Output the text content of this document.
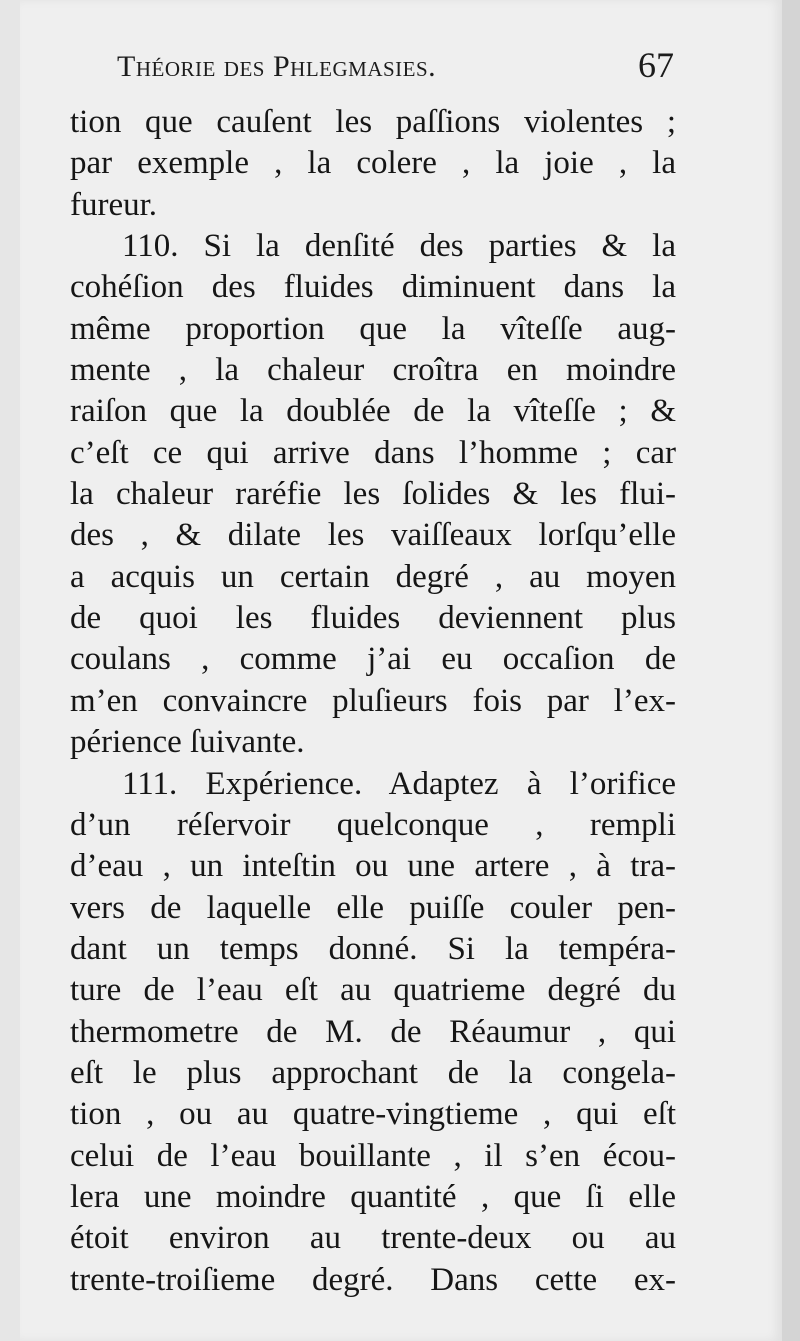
Théorie des Phlegmasies.	67
tion que cauſent les paſſions violentes ;
par exemple , la colere , la joie , la
fureur.
110. Si la denſité des parties & la
cohéſion des fluides diminuent dans la
même proportion que la vîteſſe aug-
mente , la chaleur croîtra en moindre
raiſon que la doublée de la vîteſſe ; &
c’eſt ce qui arrive dans l’homme ; car
la chaleur raréfie les ſolides & les flui-
des , & dilate les vaiſſeaux lorſqu’elle
a acquis un certain degré , au moyen
de quoi les fluides deviennent plus
coulans , comme j’ai eu occaſion de
m’en convaincre pluſieurs fois par l’ex-
périence ſuivante.
111. Expérience. Adaptez à l’orifice
d’un réſervoir quelconque , rempli
d’eau , un inteſtin ou une artere , à tra-
vers de laquelle elle puiſſe couler pen-
dant un temps donné. Si la tempéra-
ture de l’eau eſt au quatrieme degré du
thermometre de M. de Réaumur , qui
eſt le plus approchant de la congela-
tion , ou au quatre-vingtieme , qui eſt
celui de l’eau bouillante , il s’en écou-
lera une moindre quantité , que ſi elle
étoit environ au trente-deux ou au
trente-troiſieme degré. Dans cette ex-
